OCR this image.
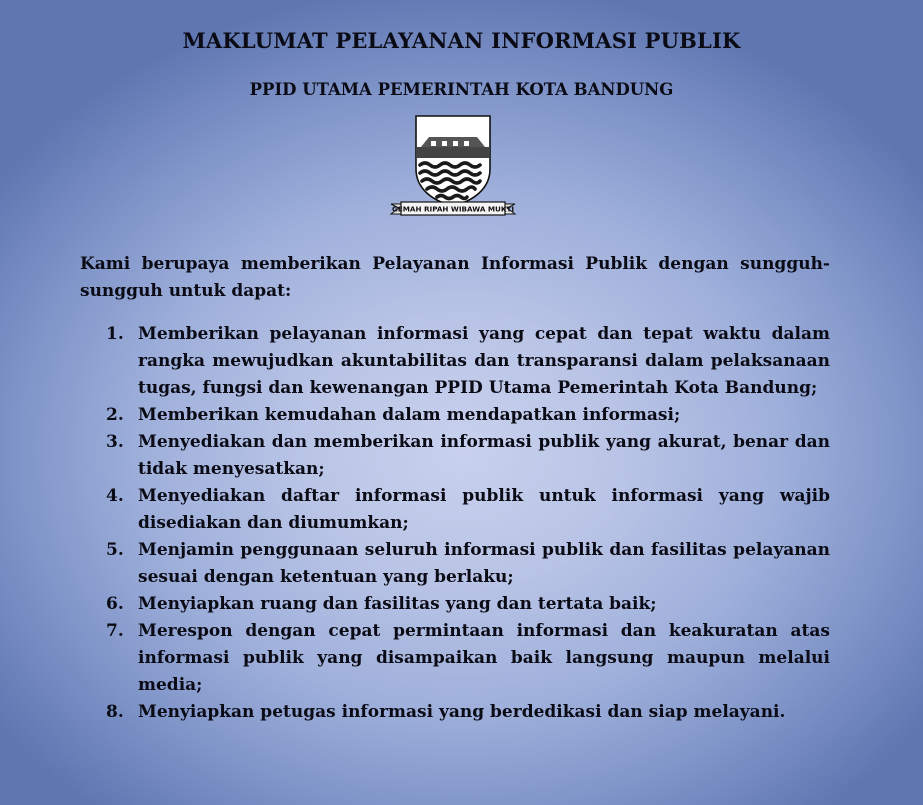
MAKLUMAT PELAYANAN INFORMASI PUBLIK
PPID UTAMA PEMERINTAH KOTA BANDUNG
GEMAH RIPAH WIBAWA MUKTI
Kami berupaya memberikan Pelayanan Informasi Publik dengan sungguh-sungguh untuk dapat:
1. Memberikan pelayanan informasi yang cepat dan tepat waktu dalam rangka mewujudkan akuntabilitas dan transparansi dalam pelaksanaan tugas, fungsi dan kewenangan PPID Utama Pemerintah Kota Bandung;
2. Memberikan kemudahan dalam mendapatkan informasi;
3. Menyediakan dan memberikan informasi publik yang akurat, benar dan tidak menyesatkan;
4. Menyediakan daftar informasi publik untuk informasi yang wajib disediakan dan diumumkan;
5. Menjamin penggunaan seluruh informasi publik dan fasilitas pelayanan sesuai dengan ketentuan yang berlaku;
6. Menyiapkan ruang dan fasilitas yang dan tertata baik;
7. Merespon dengan cepat permintaan informasi dan keakuratan atas informasi publik yang disampaikan baik langsung maupun melalui media;
8. Menyiapkan petugas informasi yang berdedikasi dan siap melayani.
